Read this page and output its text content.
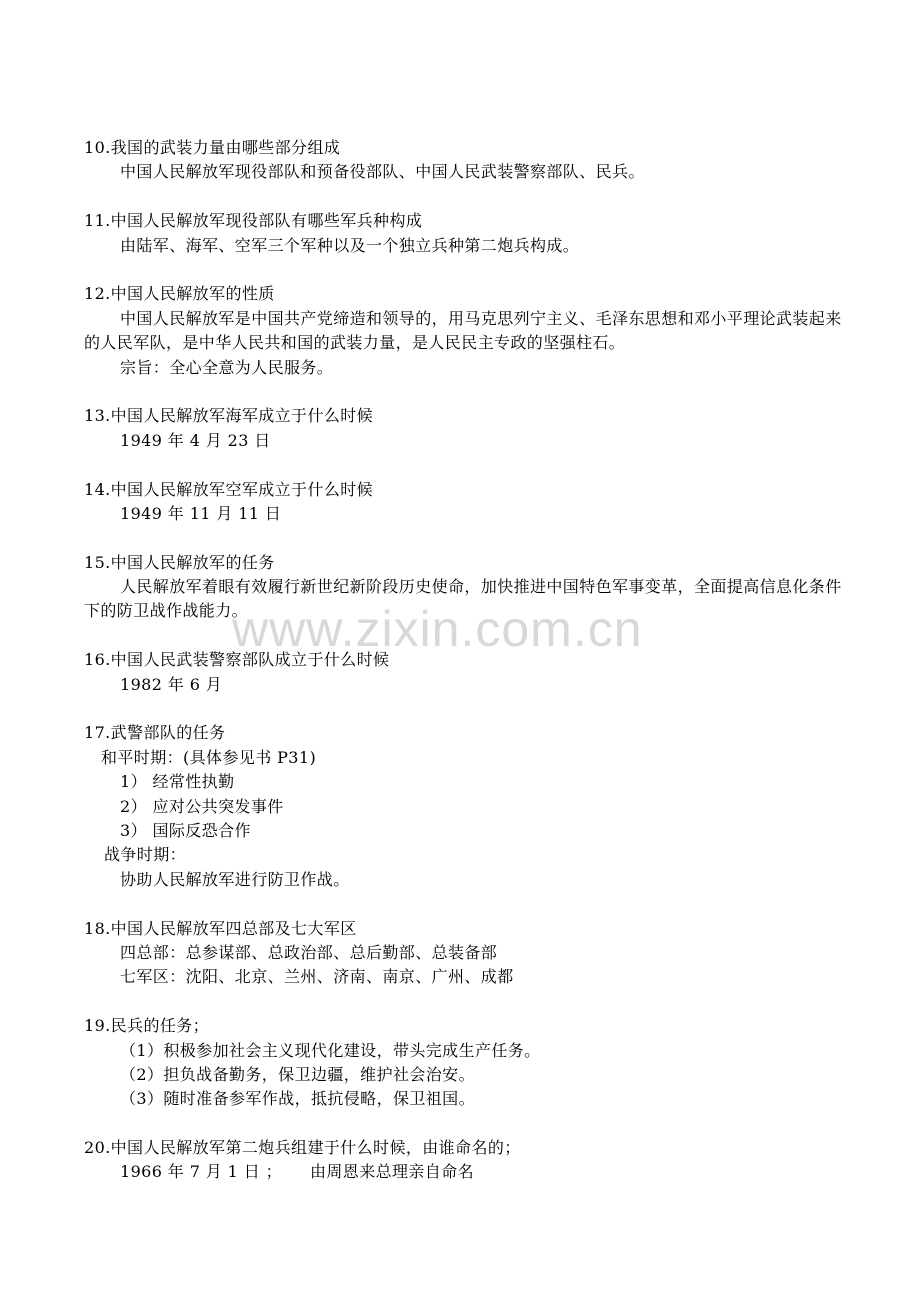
www.zixin.com.cn
10.我国的武装力量由哪些部分组成
中国人民解放军现役部队和预备役部队、中国人民武装警察部队、民兵。
11.中国人民解放军现役部队有哪些军兵种构成
由陆军、海军、空军三个军种以及一个独立兵种第二炮兵构成。
12.中国人民解放军的性质
中国人民解放军是中国共产党缔造和领导的，用马克思列宁主义、毛泽东思想和邓小平理论武装起来的人民军队，是中华人民共和国的武装力量，是人民民主专政的坚强柱石。
宗旨：全心全意为人民服务。
13.中国人民解放军海军成立于什么时候
1949 年 4 月 23 日
14.中国人民解放军空军成立于什么时候
1949 年 11 月 11 日
15.中国人民解放军的任务
人民解放军着眼有效履行新世纪新阶段历史使命，加快推进中国特色军事变革，全面提高信息化条件下的防卫战作战能力。
16.中国人民武装警察部队成立于什么时候
1982 年 6 月
17.武警部队的任务
和平时期：(具体参见书 P31)
1） 经常性执勤
2） 应对公共突发事件
3） 国际反恐合作
战争时期：
协助人民解放军进行防卫作战。
18.中国人民解放军四总部及七大军区
四总部：总参谋部、总政治部、总后勤部、总装备部
七军区：沈阳、北京、兰州、济南、南京、广州、成都
19.民兵的任务；
（1）积极参加社会主义现代化建设，带头完成生产任务。
（2）担负战备勤务，保卫边疆，维护社会治安。
（3）随时准备参军作战，抵抗侵略，保卫祖国。
20.中国人民解放军第二炮兵组建于什么时候，由谁命名的；
1966 年 7 月 1 日 ； 由周恩来总理亲自命名
